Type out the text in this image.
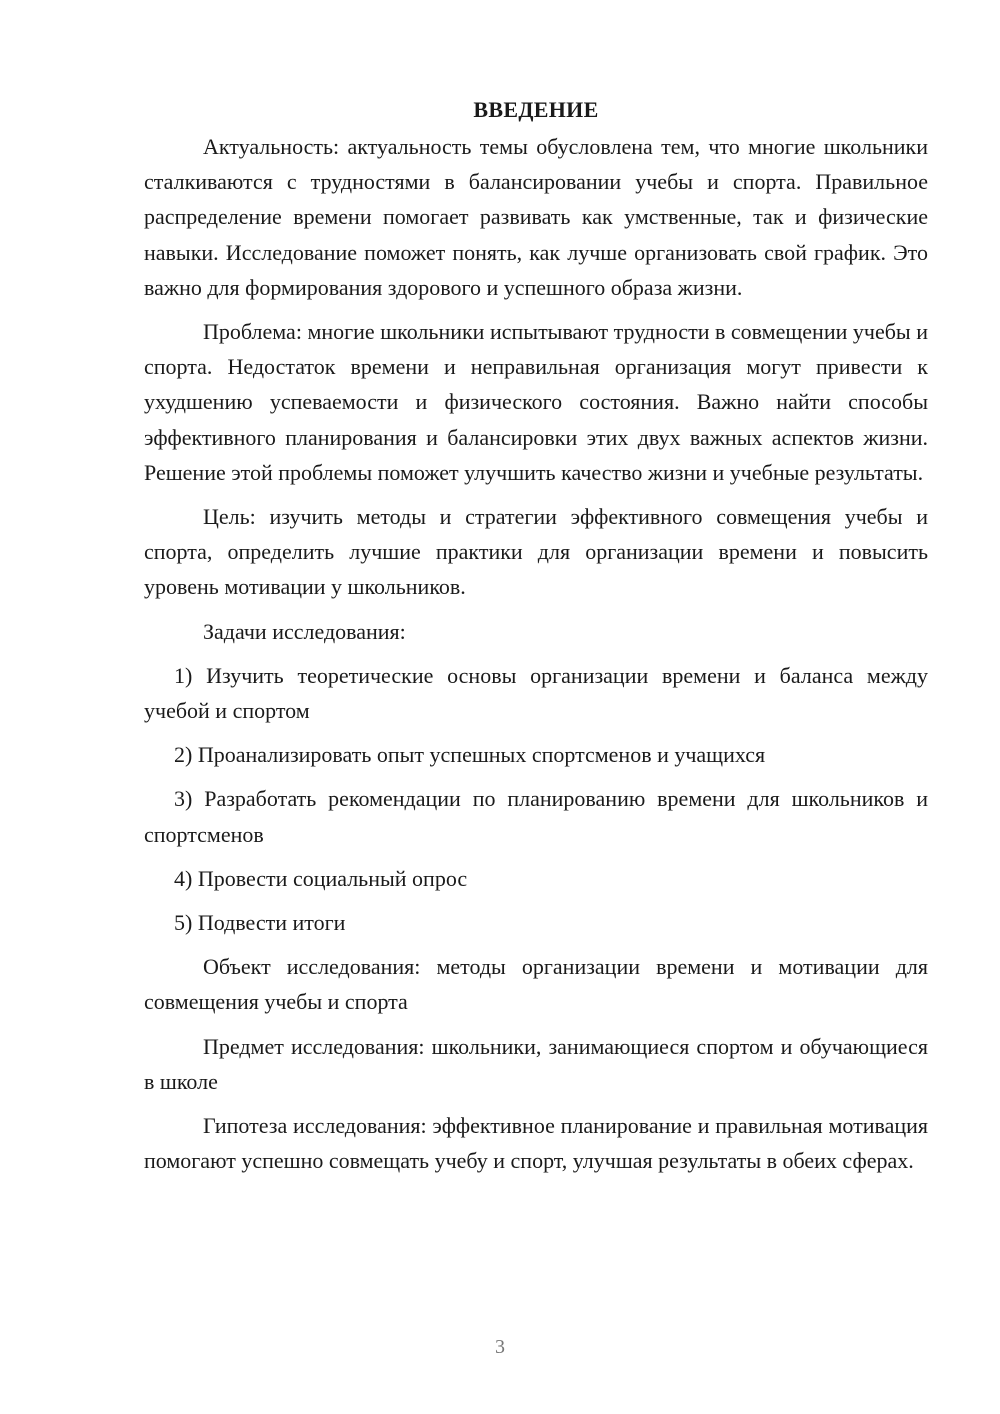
ВВЕДЕНИЕ

Актуальность: актуальность темы обусловлена тем, что многие школьники сталкиваются с трудностями в балансировании учебы и спорта. Правильное распределение времени помогает развивать как умственные, так и физические навыки. Исследование поможет понять, как лучше организовать свой график. Это важно для формирования здорового и успешного образа жизни.

Проблема: многие школьники испытывают трудности в совмещении учебы и спорта. Недостаток времени и неправильная организация могут привести к ухудшению успеваемости и физического состояния. Важно найти способы эффективного планирования и балансировки этих двух важных аспектов жизни. Решение этой проблемы поможет улучшить качество жизни и учебные результаты.

Цель: изучить методы и стратегии эффективного совмещения учебы и спорта, определить лучшие практики для организации времени и повысить уровень мотивации у школьников.

Задачи исследования:

1) Изучить теоретические основы организации времени и баланса между учебой и спортом

2) Проанализировать опыт успешных спортсменов и учащихся

3) Разработать рекомендации по планированию времени для школьников и спортсменов

4) Провести социальный опрос

5) Подвести итоги

Объект исследования: методы организации времени и мотивации для совмещения учебы и спорта

Предмет исследования: школьники, занимающиеся спортом и обучающиеся в школе

Гипотеза исследования: эффективное планирование и правильная мотивация помогают успешно совмещать учебу и спорт, улучшая результаты в обеих сферах.

3
